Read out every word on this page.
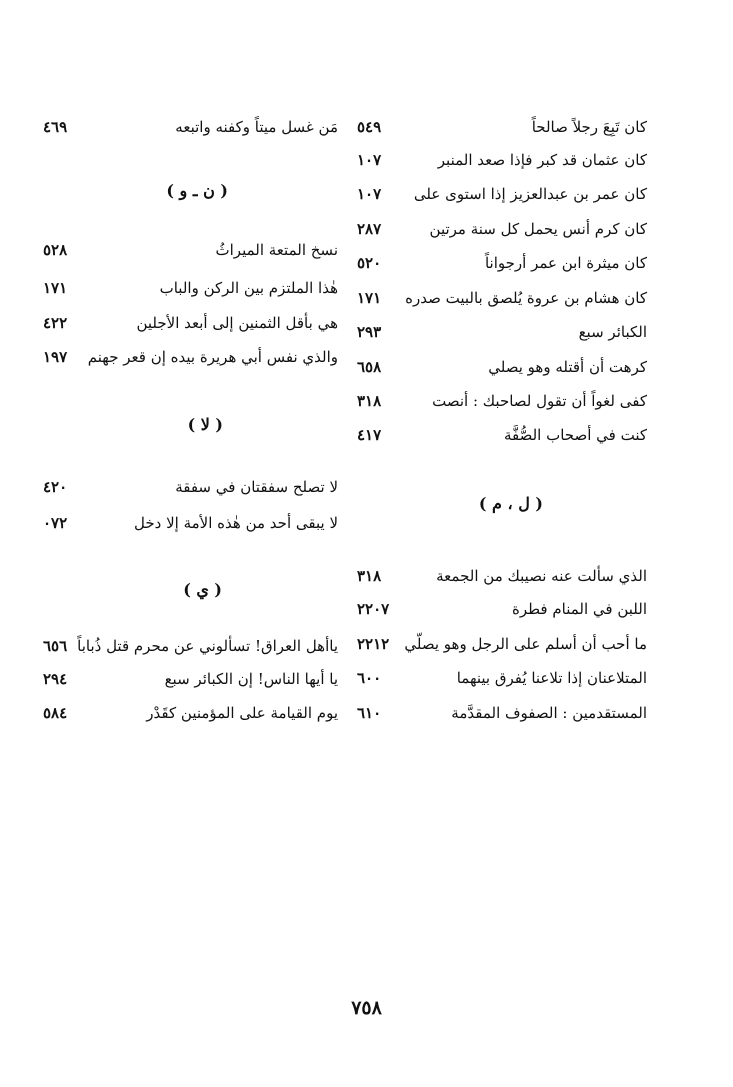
كان تَبِعَ رجلاً صالحاً
٥٤٩
كان عثمان قد كبر فإذا صعد المنبر
١٠٧
كان عمر بن عبدالعزيز إذا استوى على
١٠٧
كان كرم أنس يحمل كل سنة مرتين
٢٨٧
كان ميثرة ابن عمر أرجواناً
٥٢٠
كان هشام بن عروة يُلصق بالبيت صدره
١٧١
الكبائر سبع
٢٩٣
كرهت أن أقتله وهو يصلي
٦٥٨
كفى لغواً أن تقول لصاحبك : أنصت
٣١٨
كنت في أصحاب الصُّفَّة
٤١٧
( ل ، م )
الذي سألت عنه نصيبك من الجمعة
٣١٨
اللبن في المنام فطرة
٢٢٠٧
ما أحب أن أسلم على الرجل وهو يصلّي
٢٢١٢
المتلاعنان إذا تلاعنا يُفرق بينهما
٦٠٠
المستقدمين : الصفوف المقدَّمة
٦١٠
مَن غسل ميتاً وكفنه واتبعه
٤٦٩
( ن ـ و )
نسخ المتعة الميراثُ
٥٢٨
هٰذا الملتزم بين الركن والباب
١٧١
هي بأقل الثمنين إلى أبعد الأجلين
٤٢٢
والذي نفس أبي هريرة بيده إن قعر جهنم
١٩٧
( لا )
لا تصلح سفقتان في سفقة
٤٢٠
لا يبقى أحد من هٰذه الأمة إلا دخل
٠٧٢
( ي )
ياأهل العراق! تسألوني عن محرم قتل ذُباباً
٦٥٦
يا أيها الناس! إن الكبائر سبع
٢٩٤
يوم القيامة على المؤمنين كقَدْر
٥٨٤
٧٥٨
